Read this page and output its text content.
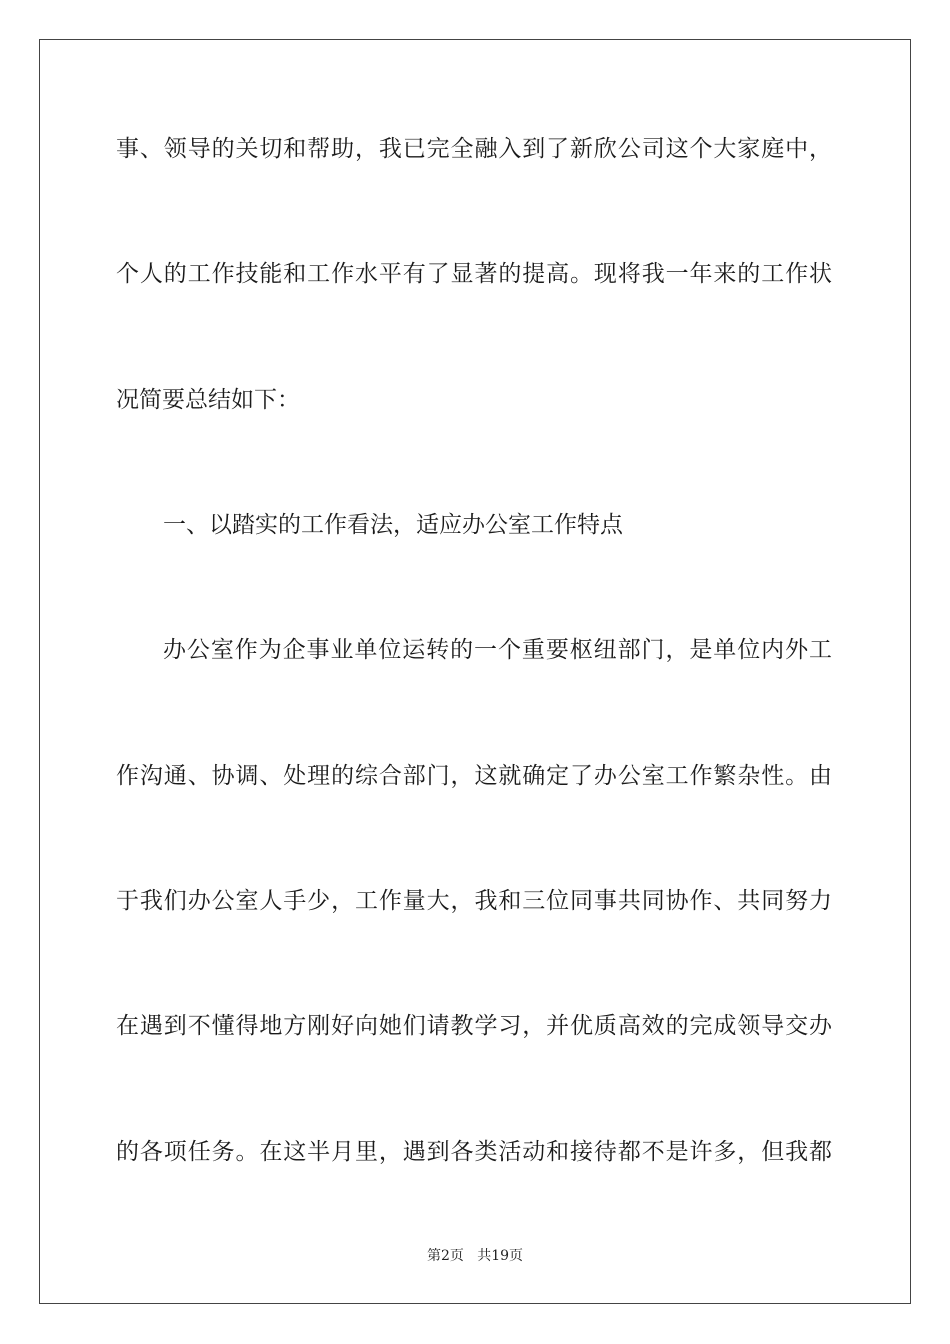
事、领导的关切和帮助，我已完全融入到了新欣公司这个大家庭中，
个人的工作技能和工作水平有了显著的提高。现将我一年来的工作状
况简要总结如下：
一、以踏实的工作看法，适应办公室工作特点
办公室作为企事业单位运转的一个重要枢纽部门，是单位内外工
作沟通、协调、处理的综合部门，这就确定了办公室工作繁杂性。由
于我们办公室人手少，工作量大，我和三位同事共同协作、共同努力
在遇到不懂得地方刚好向她们请教学习，并优质高效的完成领导交办
的各项任务。在这半月里，遇到各类活动和接待都不是许多，但我都
第2页   共19页
